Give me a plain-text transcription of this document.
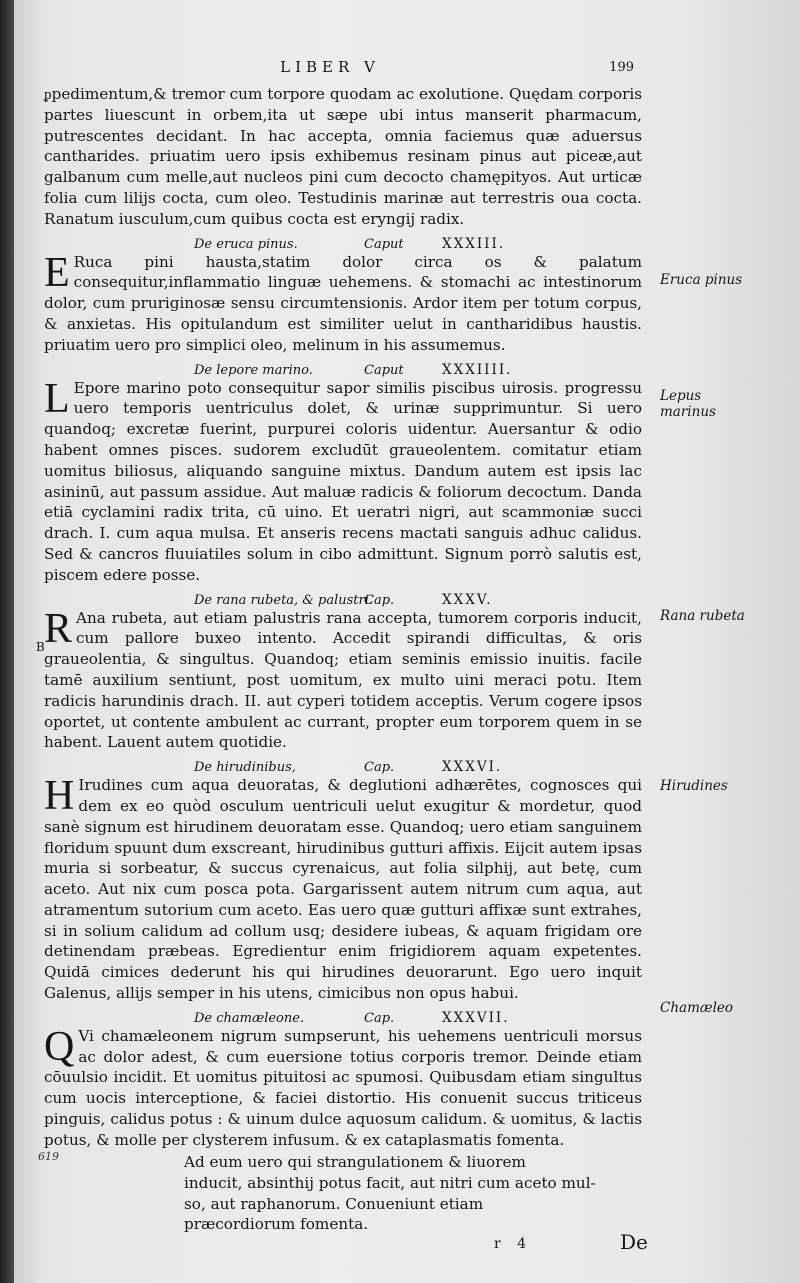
LIBER V	199

ᵱpedimentum,& tremor cum torpore quodam ac exolutione. Quędam corporis partes liuescunt in orbem,ita ut sæpe ubi intus manserit pharmacum, putrescentes decidant. In hac accepta, omnia faciemus quæ aduersus cantharides. priuatim uero ipsis exhibemus resinam pinus aut piceæ,aut galbanum cum melle,aut nucleos pini cum decocto chamępityos. Aut urticæ folia cum lilijs cocta, cum oleo. Testudinis marinæ aut terrestris oua cocta. Ranatum iusculum,cum quibus cocta est eryngij radix.

De eruca pinus.	Caput	XXXIII.
E Ruca pini hausta,statim dolor circa os & palatum consequitur,inflammatio linguæ uehemens. & stomachi ac intestinorum dolor, cum pruriginosæ sensu circumtensionis. Ardor item per totum corpus, & anxietas. His opitulandum est similiter uelut in cantharidibus haustis. priuatim uero pro simplici oleo, melinum in his assumemus.

De lepore marino.	Caput	XXXIIII.
L Epore marino poto consequitur sapor similis piscibus uirosis. progressu uero temporis uentriculus dolet, & urinæ supprimuntur. Si uero quandoq; excretæ fuerint, purpurei coloris uidentur. Auersantur & odio habent omnes pisces. sudorem excludūt graueolentem. comitatur etiam uomitus biliosus, aliquando sanguine mixtus. Dandum autem est ipsis lac asininū, aut passum assidue. Aut maluæ radicis & foliorum decoctum. Danda etiā cyclamini radix trita, cū uino. Et ueratri nigri, aut scammoniæ succi drach. I. cum aqua mulsa. Et anseris recens mactati sanguis adhuc calidus. Sed & cancros fluuiatiles solum in cibo admittunt. Signum porrò salutis est, piscem edere posse.

De rana rubeta, & palustri.
Cap.	XXXV.
R Ana rubeta, aut etiam palustris rana accepta, tumorem corporis inducit, cum pallore buxeo intento. Accedit spirandi difficultas, & oris graueolentia, & singultus. Quandoq; etiam seminis emissio inuitis. facile tamē auxilium sentiunt, post uomitum, ex multo uini meraci potu. Item radicis harundinis drach. II. aut cyperi totidem acceptis. Verum cogere ipsos oportet, ut contente ambulent ac currant, propter eum torporem quem in se habent. Lauent autem quotidie.

De hirudinibus,	Cap.	XXXVI.
H Irudines cum aqua deuoratas, & deglutioni adhærētes, cognosces qui dem ex eo quòd osculum uentriculi uelut exugitur & mordetur, quod sanè signum est hirudinem deuoratam esse. Quandoq; uero etiam sanguinem floridum spuunt dum exscreant, hirudinibus gutturi affixis. Eijcit autem ipsas muria si sorbeatur, & succus cyrenaicus, aut folia silphij, aut betę, cum aceto. Aut nix cum posca pota. Gargarissent autem nitrum cum aqua, aut atramentum sutorium cum aceto. Eas uero quæ gutturi affixæ sunt extrahes, si in solium calidum ad collum usq; desidere iubeas, & aquam frigidam ore detinendam præbeas. Egredientur enim frigidiorem aquam expetentes. Quidā cimices dederunt his qui hirudines deuorarunt. Ego uero inquit Galenus, allijs semper in his utens, cimicibus non opus habui.

De chamæleone.	Cap.	XXXVII.
Q Vi chamæleonem nigrum sumpserunt, his uehemens uentriculi morsus ac dolor adest, & cum euersione totius corporis tremor. Deinde etiam cōuulsio incidit. Et uomitus pituitosi ac spumosi. Quibusdam etiam singultus cum uocis interceptione, & faciei distortio. His conuenit succus triticeus pinguis, calidus potus : & uinum dulce aquosum calidum. & uomitus, & lactis potus, & molle per clysterem infusum. & ex cataplasmatis fomenta.

Ad eum uero qui strangulationem & liuorem
inducit, absinthij potus facit, aut nitri cum aceto mul-
so, aut raphanorum. Conueniunt etiam
præcordiorum fomenta.
Eruca pinus
Lepus marinus
Rana rubeta
Hirudines
Chamæleo
B
619
r 4	De
